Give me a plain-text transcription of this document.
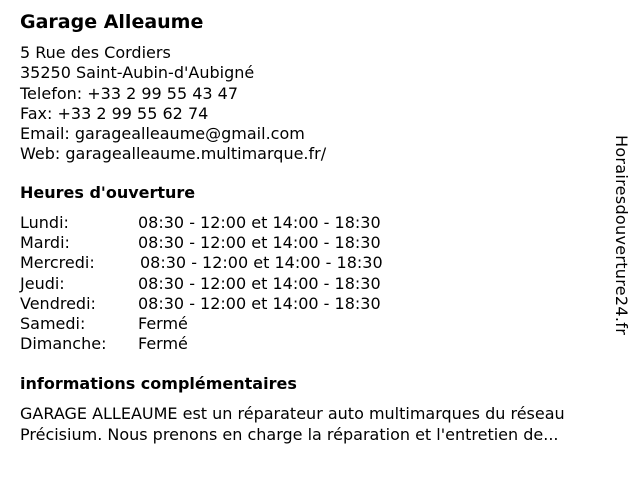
Garage Alleaume
5 Rue des Cordiers
35250 Saint-Aubin-d'Aubigné
Telefon: +33 2 99 55 43 47
Fax: +33 2 99 55 62 74
Email: garagealleaume@gmail.com
Web: garagealleaume.multimarque.fr/
Heures d'ouverture
Lundi:	08:30 - 12:00 et 14:00 - 18:30
Mardi:	08:30 - 12:00 et 14:00 - 18:30
Mercredi:	08:30 - 12:00 et 14:00 - 18:30
Jeudi:	08:30 - 12:00 et 14:00 - 18:30
Vendredi:	08:30 - 12:00 et 14:00 - 18:30
Samedi:	Fermé
Dimanche: Fermé
informations complémentaires
GARAGE ALLEAUME est un réparateur auto multimarques du réseau
Précisium. Nous prenons en charge la réparation et l'entretien de...
Horairesdouverture24.fr
